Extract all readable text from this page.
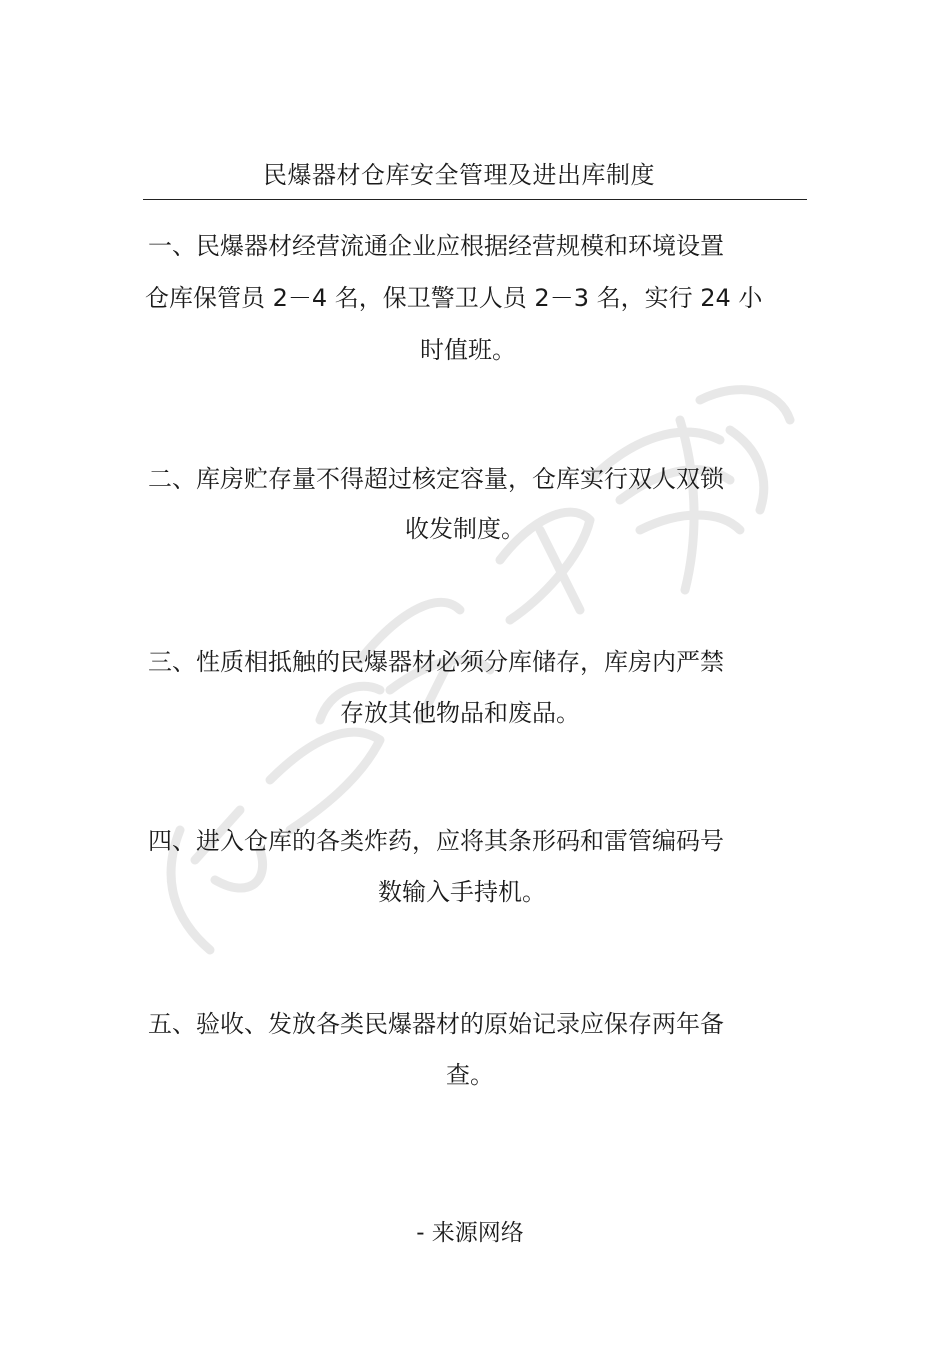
民爆器材仓库安全管理及进出库制度
一、民爆器材经营流通企业应根据经营规模和环境设置
仓库保管员 2－4 名，保卫警卫人员 2－3 名，实行 24 小
时值班。
二、库房贮存量不得超过核定容量，仓库实行双人双锁
收发制度。
三、性质相抵触的民爆器材必须分库储存，库房内严禁
存放其他物品和废品。
四、进入仓库的各类炸药，应将其条形码和雷管编码号
数输入手持机。
五、验收、发放各类民爆器材的原始记录应保存两年备
查。
- 来源网络
